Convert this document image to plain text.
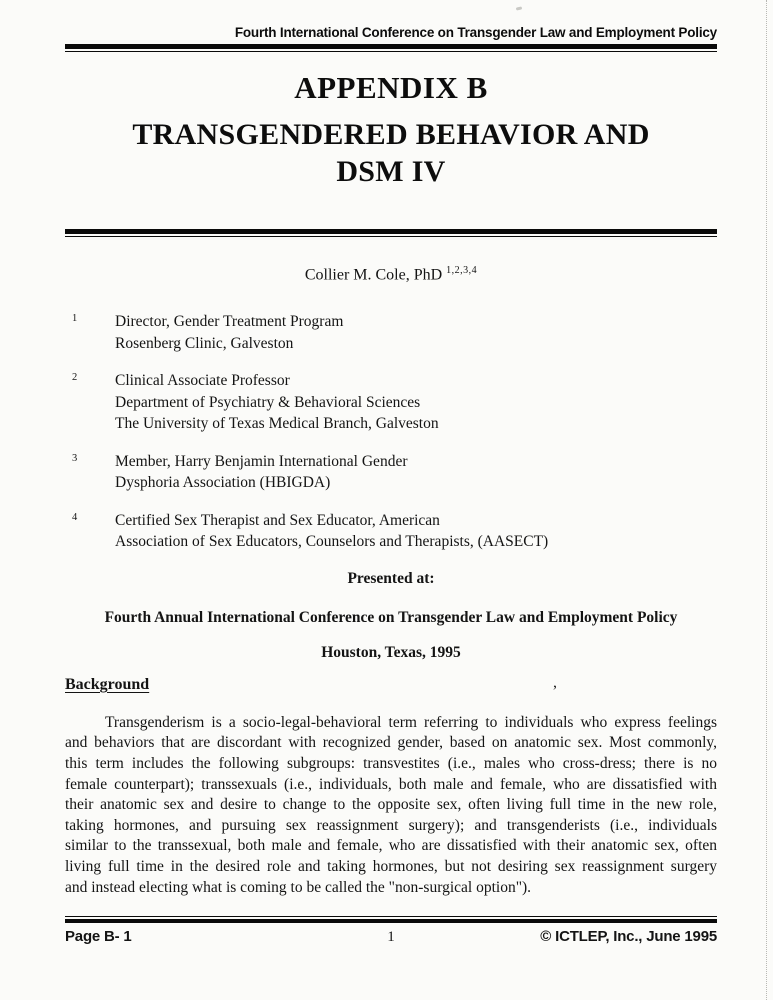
Fourth International Conference on Transgender Law and Employment Policy
APPENDIX B
TRANSGENDERED BEHAVIOR AND
DSM IV
Collier M. Cole, PhD $^{1,2,3,4}$
1	Director, Gender Treatment Program
Rosenberg Clinic, Galveston
2	Clinical Associate Professor
Department of Psychiatry & Behavioral Sciences
The University of Texas Medical Branch, Galveston
3	Member, Harry Benjamin International Gender
Dysphoria Association (HBIGDA)
4	Certified Sex Therapist and Sex Educator, American
Association of Sex Educators, Counselors and Therapists, (AASECT)
Presented at:
Fourth Annual International Conference on Transgender Law and Employment Policy
Houston, Texas, 1995
Background	,
Transgenderism is a socio-legal-behavioral term referring to individuals who express feelings
and behaviors that are discordant with recognized gender, based on anatomic sex. Most commonly,
this term includes the following subgroups: transvestites (i.e., males who cross-dress; there is no
female counterpart); transsexuals (i.e., individuals, both male and female, who are dissatisfied with
their anatomic sex and desire to change to the opposite sex, often living full time in the new role,
taking hormones, and pursuing sex reassignment surgery); and transgenderists (i.e., individuals
similar to the transsexual, both male and female, who are dissatisfied with their anatomic sex, often
living full time in the desired role and taking hormones, but not desiring sex reassignment surgery
and instead electing what is coming to be called the "non-surgical option").
Page B- 1	1	© ICTLEP, Inc., June 1995
